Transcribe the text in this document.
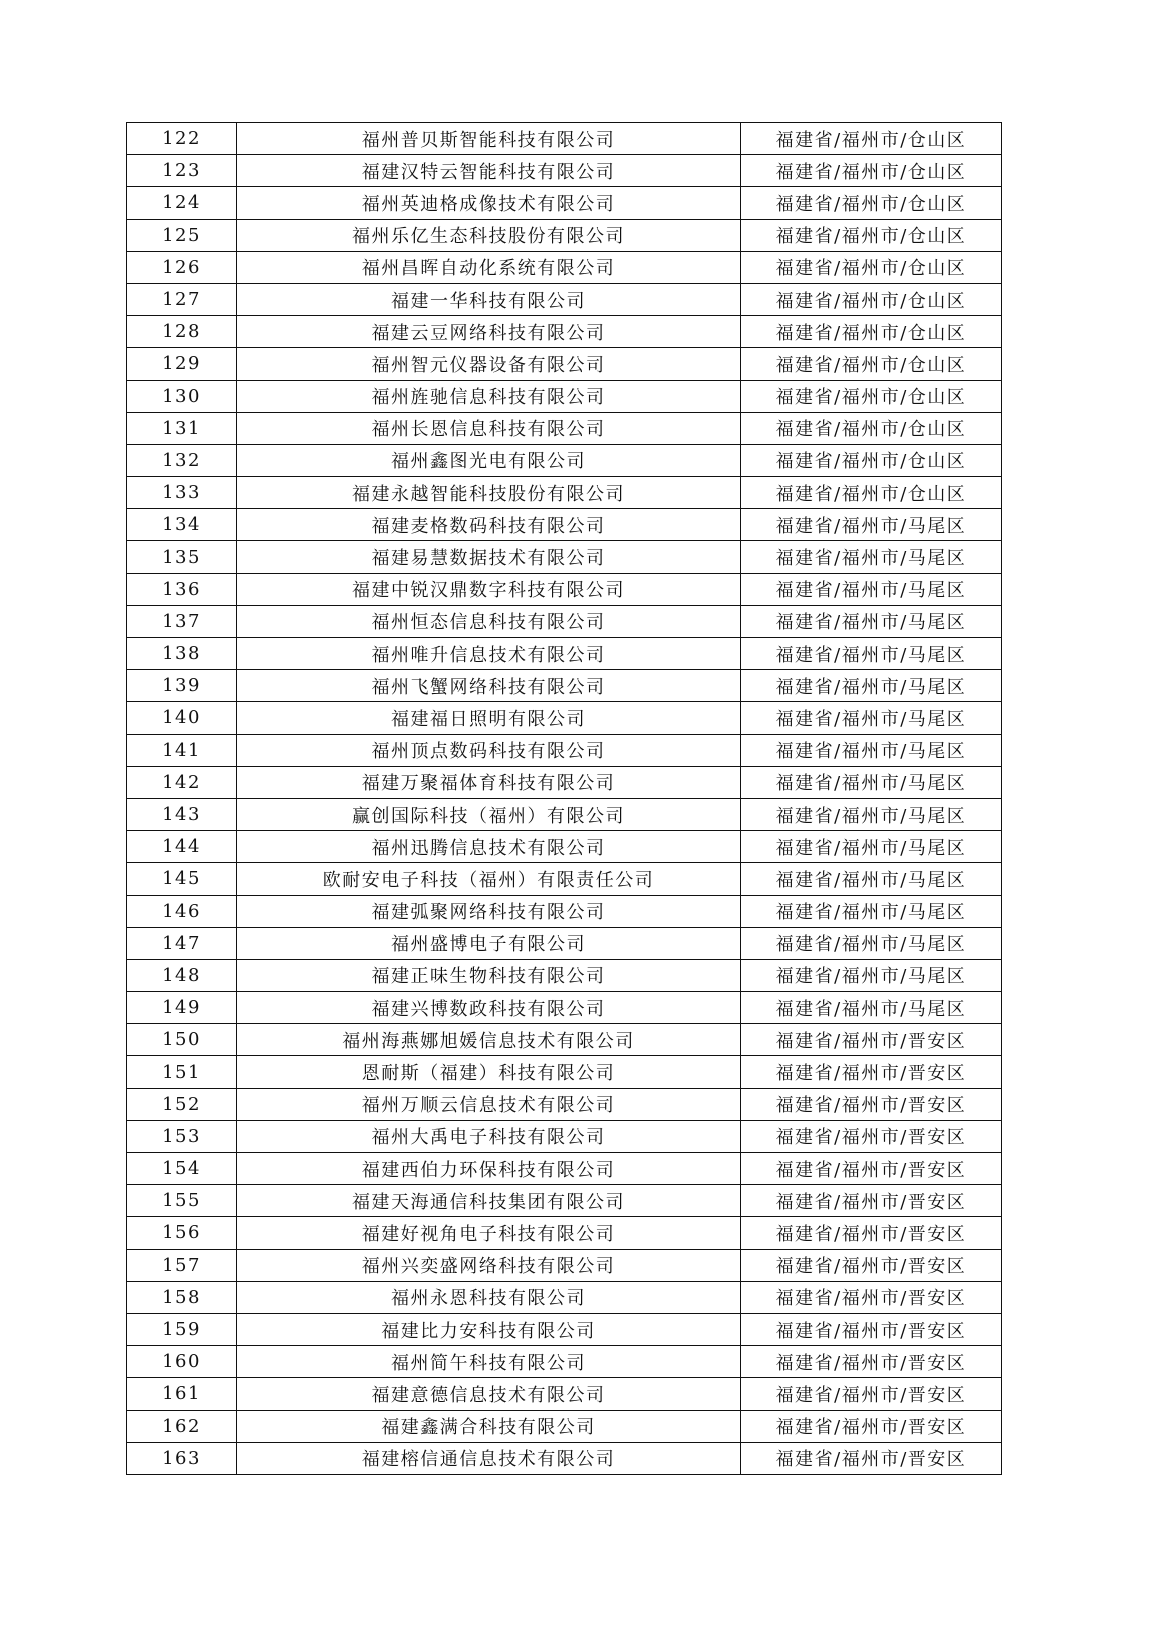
122	福州普贝斯智能科技有限公司	福建省/福州市/仓山区
123	福建汉特云智能科技有限公司	福建省/福州市/仓山区
124	福州英迪格成像技术有限公司	福建省/福州市/仓山区
125	福州乐亿生态科技股份有限公司	福建省/福州市/仓山区
126	福州昌晖自动化系统有限公司	福建省/福州市/仓山区
127	福建一华科技有限公司	福建省/福州市/仓山区
128	福建云豆网络科技有限公司	福建省/福州市/仓山区
129	福州智元仪器设备有限公司	福建省/福州市/仓山区
130	福州旌驰信息科技有限公司	福建省/福州市/仓山区
131	福州长恩信息科技有限公司	福建省/福州市/仓山区
132	福州鑫图光电有限公司	福建省/福州市/仓山区
133	福建永越智能科技股份有限公司	福建省/福州市/仓山区
134	福建麦格数码科技有限公司	福建省/福州市/马尾区
135	福建易慧数据技术有限公司	福建省/福州市/马尾区
136	福建中锐汉鼎数字科技有限公司	福建省/福州市/马尾区
137	福州恒态信息科技有限公司	福建省/福州市/马尾区
138	福州唯升信息技术有限公司	福建省/福州市/马尾区
139	福州飞蟹网络科技有限公司	福建省/福州市/马尾区
140	福建福日照明有限公司	福建省/福州市/马尾区
141	福州顶点数码科技有限公司	福建省/福州市/马尾区
142	福建万聚福体育科技有限公司	福建省/福州市/马尾区
143	赢创国际科技（福州）有限公司	福建省/福州市/马尾区
144	福州迅腾信息技术有限公司	福建省/福州市/马尾区
145	欧耐安电子科技（福州）有限责任公司	福建省/福州市/马尾区
146	福建弧聚网络科技有限公司	福建省/福州市/马尾区
147	福州盛博电子有限公司	福建省/福州市/马尾区
148	福建正味生物科技有限公司	福建省/福州市/马尾区
149	福建兴博数政科技有限公司	福建省/福州市/马尾区
150	福州海燕娜旭媛信息技术有限公司	福建省/福州市/晋安区
151	恩耐斯（福建）科技有限公司	福建省/福州市/晋安区
152	福州万顺云信息技术有限公司	福建省/福州市/晋安区
153	福州大禹电子科技有限公司	福建省/福州市/晋安区
154	福建西伯力环保科技有限公司	福建省/福州市/晋安区
155	福建天海通信科技集团有限公司	福建省/福州市/晋安区
156	福建好视角电子科技有限公司	福建省/福州市/晋安区
157	福州兴奕盛网络科技有限公司	福建省/福州市/晋安区
158	福州永恩科技有限公司	福建省/福州市/晋安区
159	福建比力安科技有限公司	福建省/福州市/晋安区
160	福州简午科技有限公司	福建省/福州市/晋安区
161	福建意德信息技术有限公司	福建省/福州市/晋安区
162	福建鑫满合科技有限公司	福建省/福州市/晋安区
163	福建榕信通信息技术有限公司	福建省/福州市/晋安区
